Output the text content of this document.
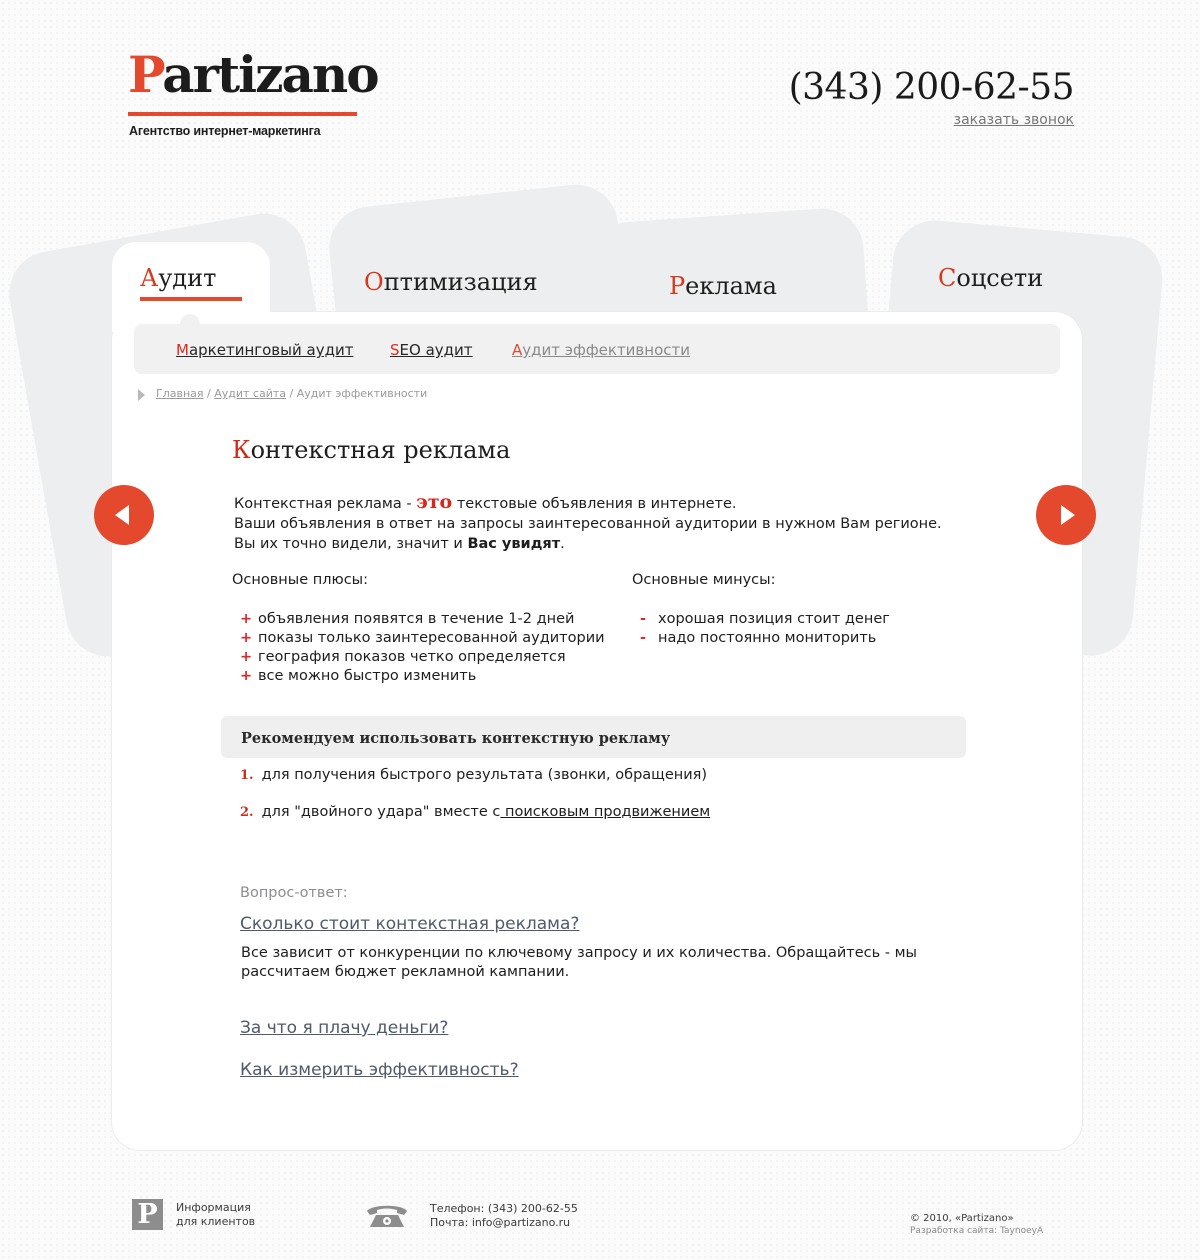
Partizano
Агентство интернет-маркетинга
(343) 200-62-55
заказать звонок
Аудит	Оптимизация	Реклама	Соцсети
Маркетинговый аудит SEO аудит	Аудит эффективности
Главная / Аудит сайта / Аудит эффективности
Контекстная реклама
Контекстная реклама - это текстовые объявления в интернете.
Ваши объявления в ответ на запросы заинтересованной аудитории в нужном Вам регионе.
Вы их точно видели, значит и Вас увидят.
Основные плюсы:	Основные минусы:
+ объявления появятся в течение 1-2 дней
+ показы только заинтересованной аудитории
+ география показов четко определяется
+ все можно быстро изменить
- хорошая позиция стоит денег
- надо постоянно мониторить
Рекомендуем использовать контекстную рекламу
1. для получения быстрого результата (звонки, обращения)
2. для "двойного удара" вместе с поисковым продвижением
Вопрос-ответ:
Сколько стоит контекстная реклама?
Все зависит от конкуренции по ключевому запросу и их количества. Обращайтесь - мы рассчитаем бюджет рекламной кампании.
За что я плачу деньги?
Как измерить эффективность?
P	Информация
для клиентов
Телефон: (343) 200-62-55
Почта: info@partizano.ru	© 2010, «Partizano»
Разработка сайта: TaynoeyA
